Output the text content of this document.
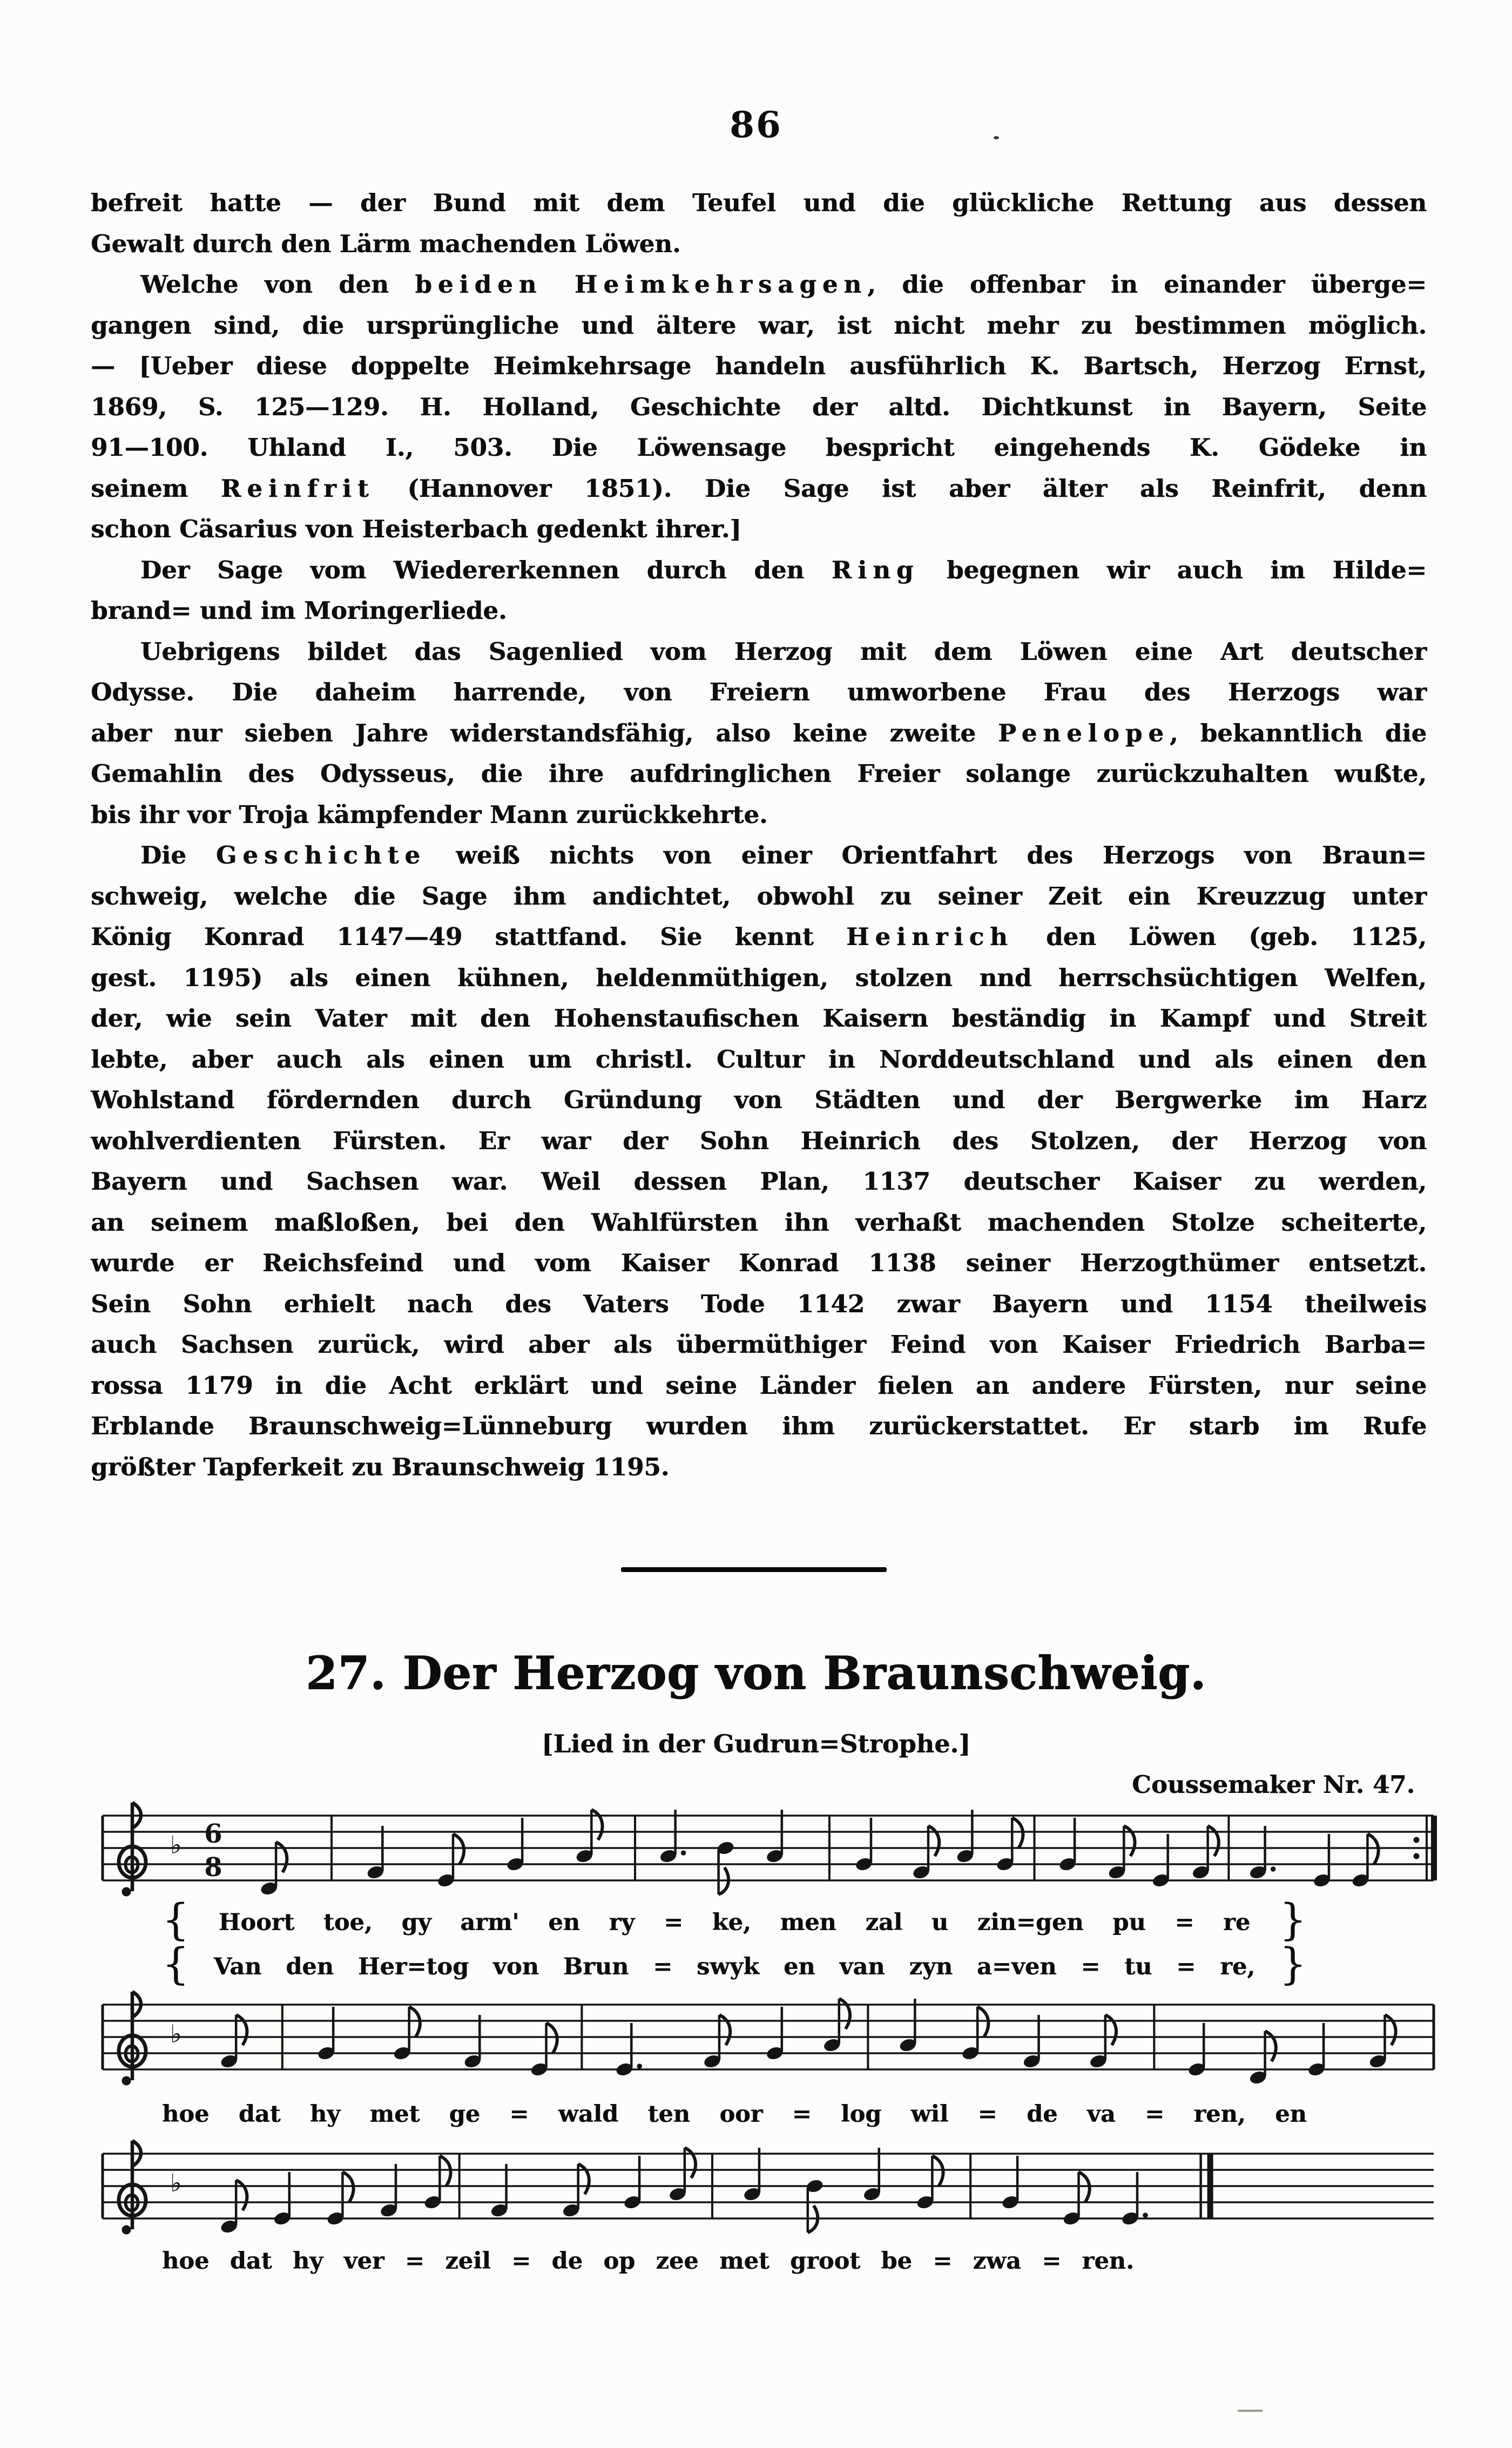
86
befreit hatte — der Bund mit dem Teufel und die glückliche Rettung aus dessen
Gewalt durch den Lärm machenden Löwen.
Welche von den beiden Heimkehrsagen, die offenbar in einander überge=
gangen sind, die ursprüngliche und ältere war, ist nicht mehr zu bestimmen möglich.
— [Ueber diese doppelte Heimkehrsage handeln ausführlich K. Bartsch, Herzog Ernst,
1869, S. 125—129. H. Holland, Geschichte der altd. Dichtkunst in Bayern, Seite
91—100. Uhland I., 503. Die Löwensage bespricht eingehends K. Gödeke in
seinem Reinfrit (Hannover 1851). Die Sage ist aber älter als Reinfrit, denn
schon Cäsarius von Heisterbach gedenkt ihrer.]
Der Sage vom Wiedererkennen durch den Ring begegnen wir auch im Hilde=
brand= und im Moringerliede.
Uebrigens bildet das Sagenlied vom Herzog mit dem Löwen eine Art deutscher
Odysse. Die daheim harrende, von Freiern umworbene Frau des Herzogs war
aber nur sieben Jahre widerstandsfähig, also keine zweite Penelope, bekanntlich die
Gemahlin des Odysseus, die ihre aufdringlichen Freier solange zurückzuhalten wußte,
bis ihr vor Troja kämpfender Mann zurückkehrte.
Die Geschichte weiß nichts von einer Orientfahrt des Herzogs von Braun=
schweig, welche die Sage ihm andichtet, obwohl zu seiner Zeit ein Kreuzzug unter
König Konrad 1147—49 stattfand. Sie kennt Heinrich den Löwen (geb. 1125,
gest. 1195) als einen kühnen, heldenmüthigen, stolzen nnd herrschsüchtigen Welfen,
der, wie sein Vater mit den Hohenstaufischen Kaisern beständig in Kampf und Streit
lebte, aber auch als einen um christl. Cultur in Norddeutschland und als einen den
Wohlstand fördernden durch Gründung von Städten und der Bergwerke im Harz
wohlverdienten Fürsten. Er war der Sohn Heinrich des Stolzen, der Herzog von
Bayern und Sachsen war. Weil dessen Plan, 1137 deutscher Kaiser zu werden,
an seinem maßloßen, bei den Wahlfürsten ihn verhaßt machenden Stolze scheiterte,
wurde er Reichsfeind und vom Kaiser Konrad 1138 seiner Herzogthümer entsetzt.
Sein Sohn erhielt nach des Vaters Tode 1142 zwar Bayern und 1154 theilweis
auch Sachsen zurück, wird aber als übermüthiger Feind von Kaiser Friedrich Barba=
rossa 1179 in die Acht erklärt und seine Länder fielen an andere Fürsten, nur seine
Erblande Braunschweig=Lünneburg wurden ihm zurückerstattet. Er starb im Rufe
größter Tapferkeit zu Braunschweig 1195.
27. Der Herzog von Braunschweig.
[Lied in der Gudrun=Strophe.]
Coussemaker Nr. 47.
♭ 6
8
{ Hoort toe, gy arm' en ry = ke, men zal u zin=gen pu = re }
{ Van den Her=tog von Brun = swyk en van zyn a=ven = tu = re, }
♭
hoe dat hy met ge = wald ten oor = log wil = de va = ren, en
♭
hoe dat hy ver = zeil = de op zee met groot be = zwa = ren.
